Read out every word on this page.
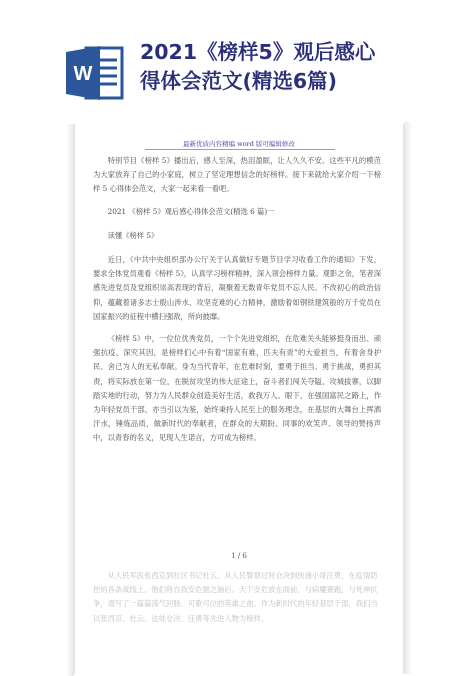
W
2021《榜样5》观后感心
得体会范文(精选6篇)
最新优质内容精编 word 版可编辑修改

特别节目《榜样 5》播出后，感人至深，热泪盈眶，让人久久不安。这些平凡的模范为大家放弃了自己的小家庭，树立了坚定理想信念的好榜样。接下来就给大家介绍一下榜样 5 心得体会范文，大家一起来看一看吧。

2021 《榜样 5》观后感心得体会范文(精选 6 篇)一

读懂《榜样 5》

近日，《中共中央组织部办公厅关于认真做好专题节目学习收看工作的通知》下发，要求全体党员观看《榜样 5》，认真学习榜样精神，深入领会榜样力量。观影之余，笔者深感先进党员及党组织崇高表现的背后，凝聚着无数青年党员不忘人民、不改初心的政治信仰，蕴藏着诸多志士殷山涉水、攻坚克难的心力精神，激励着如钢铁建筑般的万千党员在国家振兴的征程中横扫强敌，所向披靡。

《榜样 5》中，一位位优秀党员，一个个先进党组织，在危难关头能够挺身而出、顽强抗疫，深究其因，是榜样们心中有着“国家有难，匹夫有责”的大爱担当，有着舍身护民、舍己为人的无私奉献。身为当代青年，在危难时刻，要勇于担当、勇于挑战，勇担其责，将实际放在第一位，在脱贫攻坚的伟大征途上，奋斗者们闯关夺隘、攻城拔寨，以脚踏实地的行动，努力为人民群众创造美好生活，救我万人。眼下，在强国富民之路上，作为年轻党员干部，亦当引以为鉴，始终秉持人民至上的服务理念，在基层的大舞台上挥洒汗水，锤炼品质，做新时代的奉献者，在群众的大期盼、同事的欢笑声、领导的赞扬声中，以青春的名义，见现人生诺言，方可成为榜样。

1 / 6

从人民军医张西京到社区书记杜云，从人民警察过驻仓决到快递小哥汪勇，在疫情防控的各条战线上，他们将自我安危抛之脑后。天下安危放在面前，与病魔赛跑，与死神抗争，谱写了一篇篇荡气回肠、可歌可泣的英雄之曲。作为新时代的年轻基层干部，我们当以张西京、杜云、达娃仓决、汪勇等先进人物为榜样，
